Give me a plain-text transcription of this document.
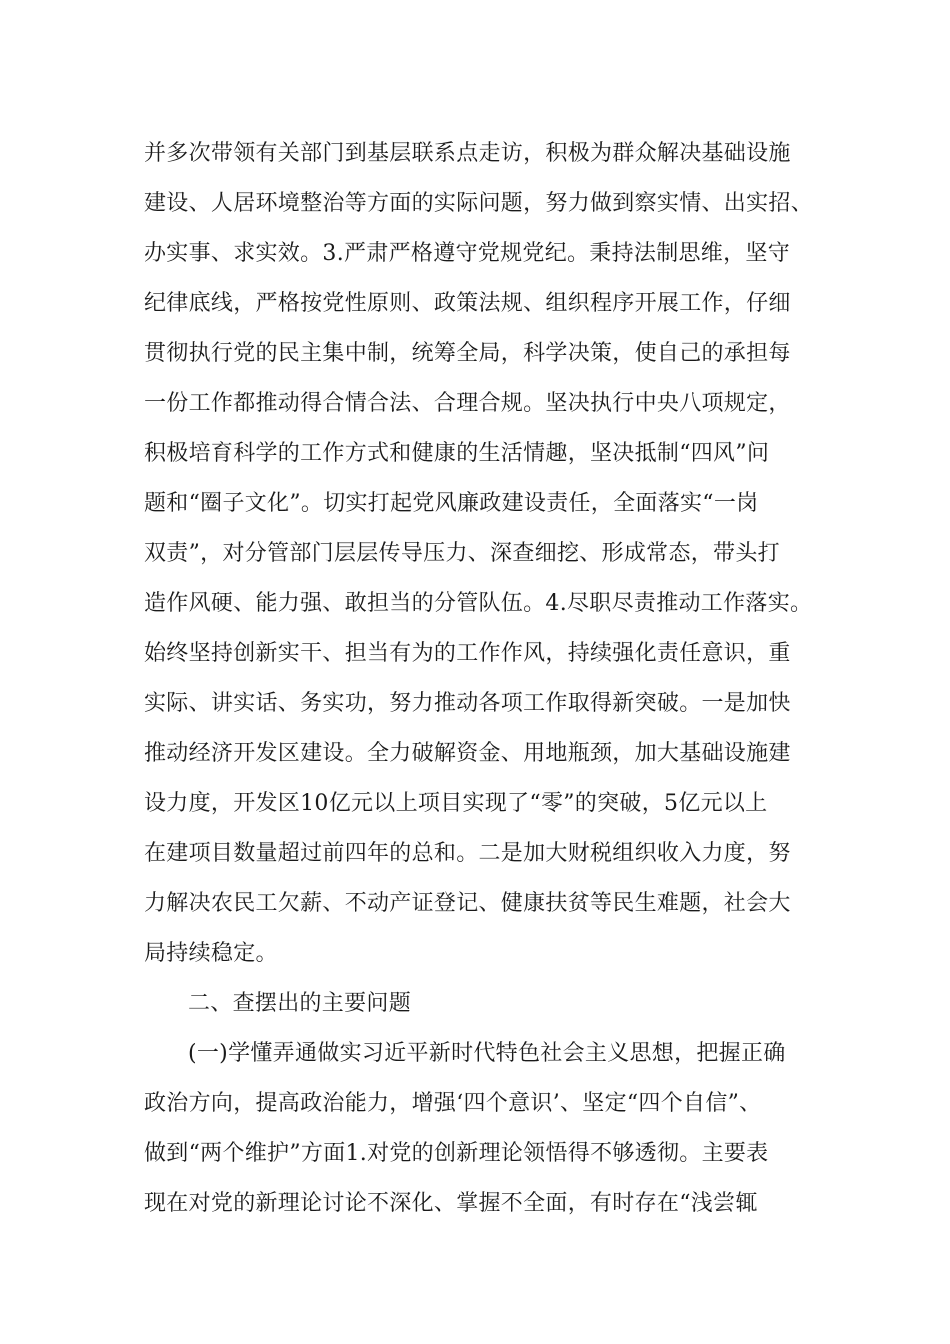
并多次带领有关部门到基层联系点走访，积极为群众解决基础设施
建设、人居环境整治等方面的实际问题，努力做到察实情、出实招、
办实事、求实效。3.严肃严格遵守党规党纪。秉持法制思维，坚守
纪律底线，严格按党性原则、政策法规、组织程序开展工作，仔细
贯彻执行党的民主集中制，统筹全局，科学决策，使自己的承担每
一份工作都推动得合情合法、合理合规。坚决执行中央八项规定，
积极培育科学的工作方式和健康的生活情趣，坚决抵制“四风”问
题和“圈子文化”。切实打起党风廉政建设责任，全面落实“一岗
双责”，对分管部门层层传导压力、深查细挖、形成常态，带头打
造作风硬、能力强、敢担当的分管队伍。4.尽职尽责推动工作落实。
始终坚持创新实干、担当有为的工作作风，持续强化责任意识，重
实际、讲实话、务实功，努力推动各项工作取得新突破。一是加快
推动经济开发区建设。全力破解资金、用地瓶颈，加大基础设施建
设力度，开发区10亿元以上项目实现了“零”的突破，5亿元以上
在建项目数量超过前四年的总和。二是加大财税组织收入力度，努
力解决农民工欠薪、不动产证登记、健康扶贫等民生难题，社会大
局持续稳定。
二、查摆出的主要问题
(一)学懂弄通做实习近平新时代特色社会主义思想，把握正确
政治方向，提高政治能力，增强‘四个意识’、坚定“四个自信”、
做到“两个维护”方面1.对党的创新理论领悟得不够透彻。主要表
现在对党的新理论讨论不深化、掌握不全面，有时存在“浅尝辄
